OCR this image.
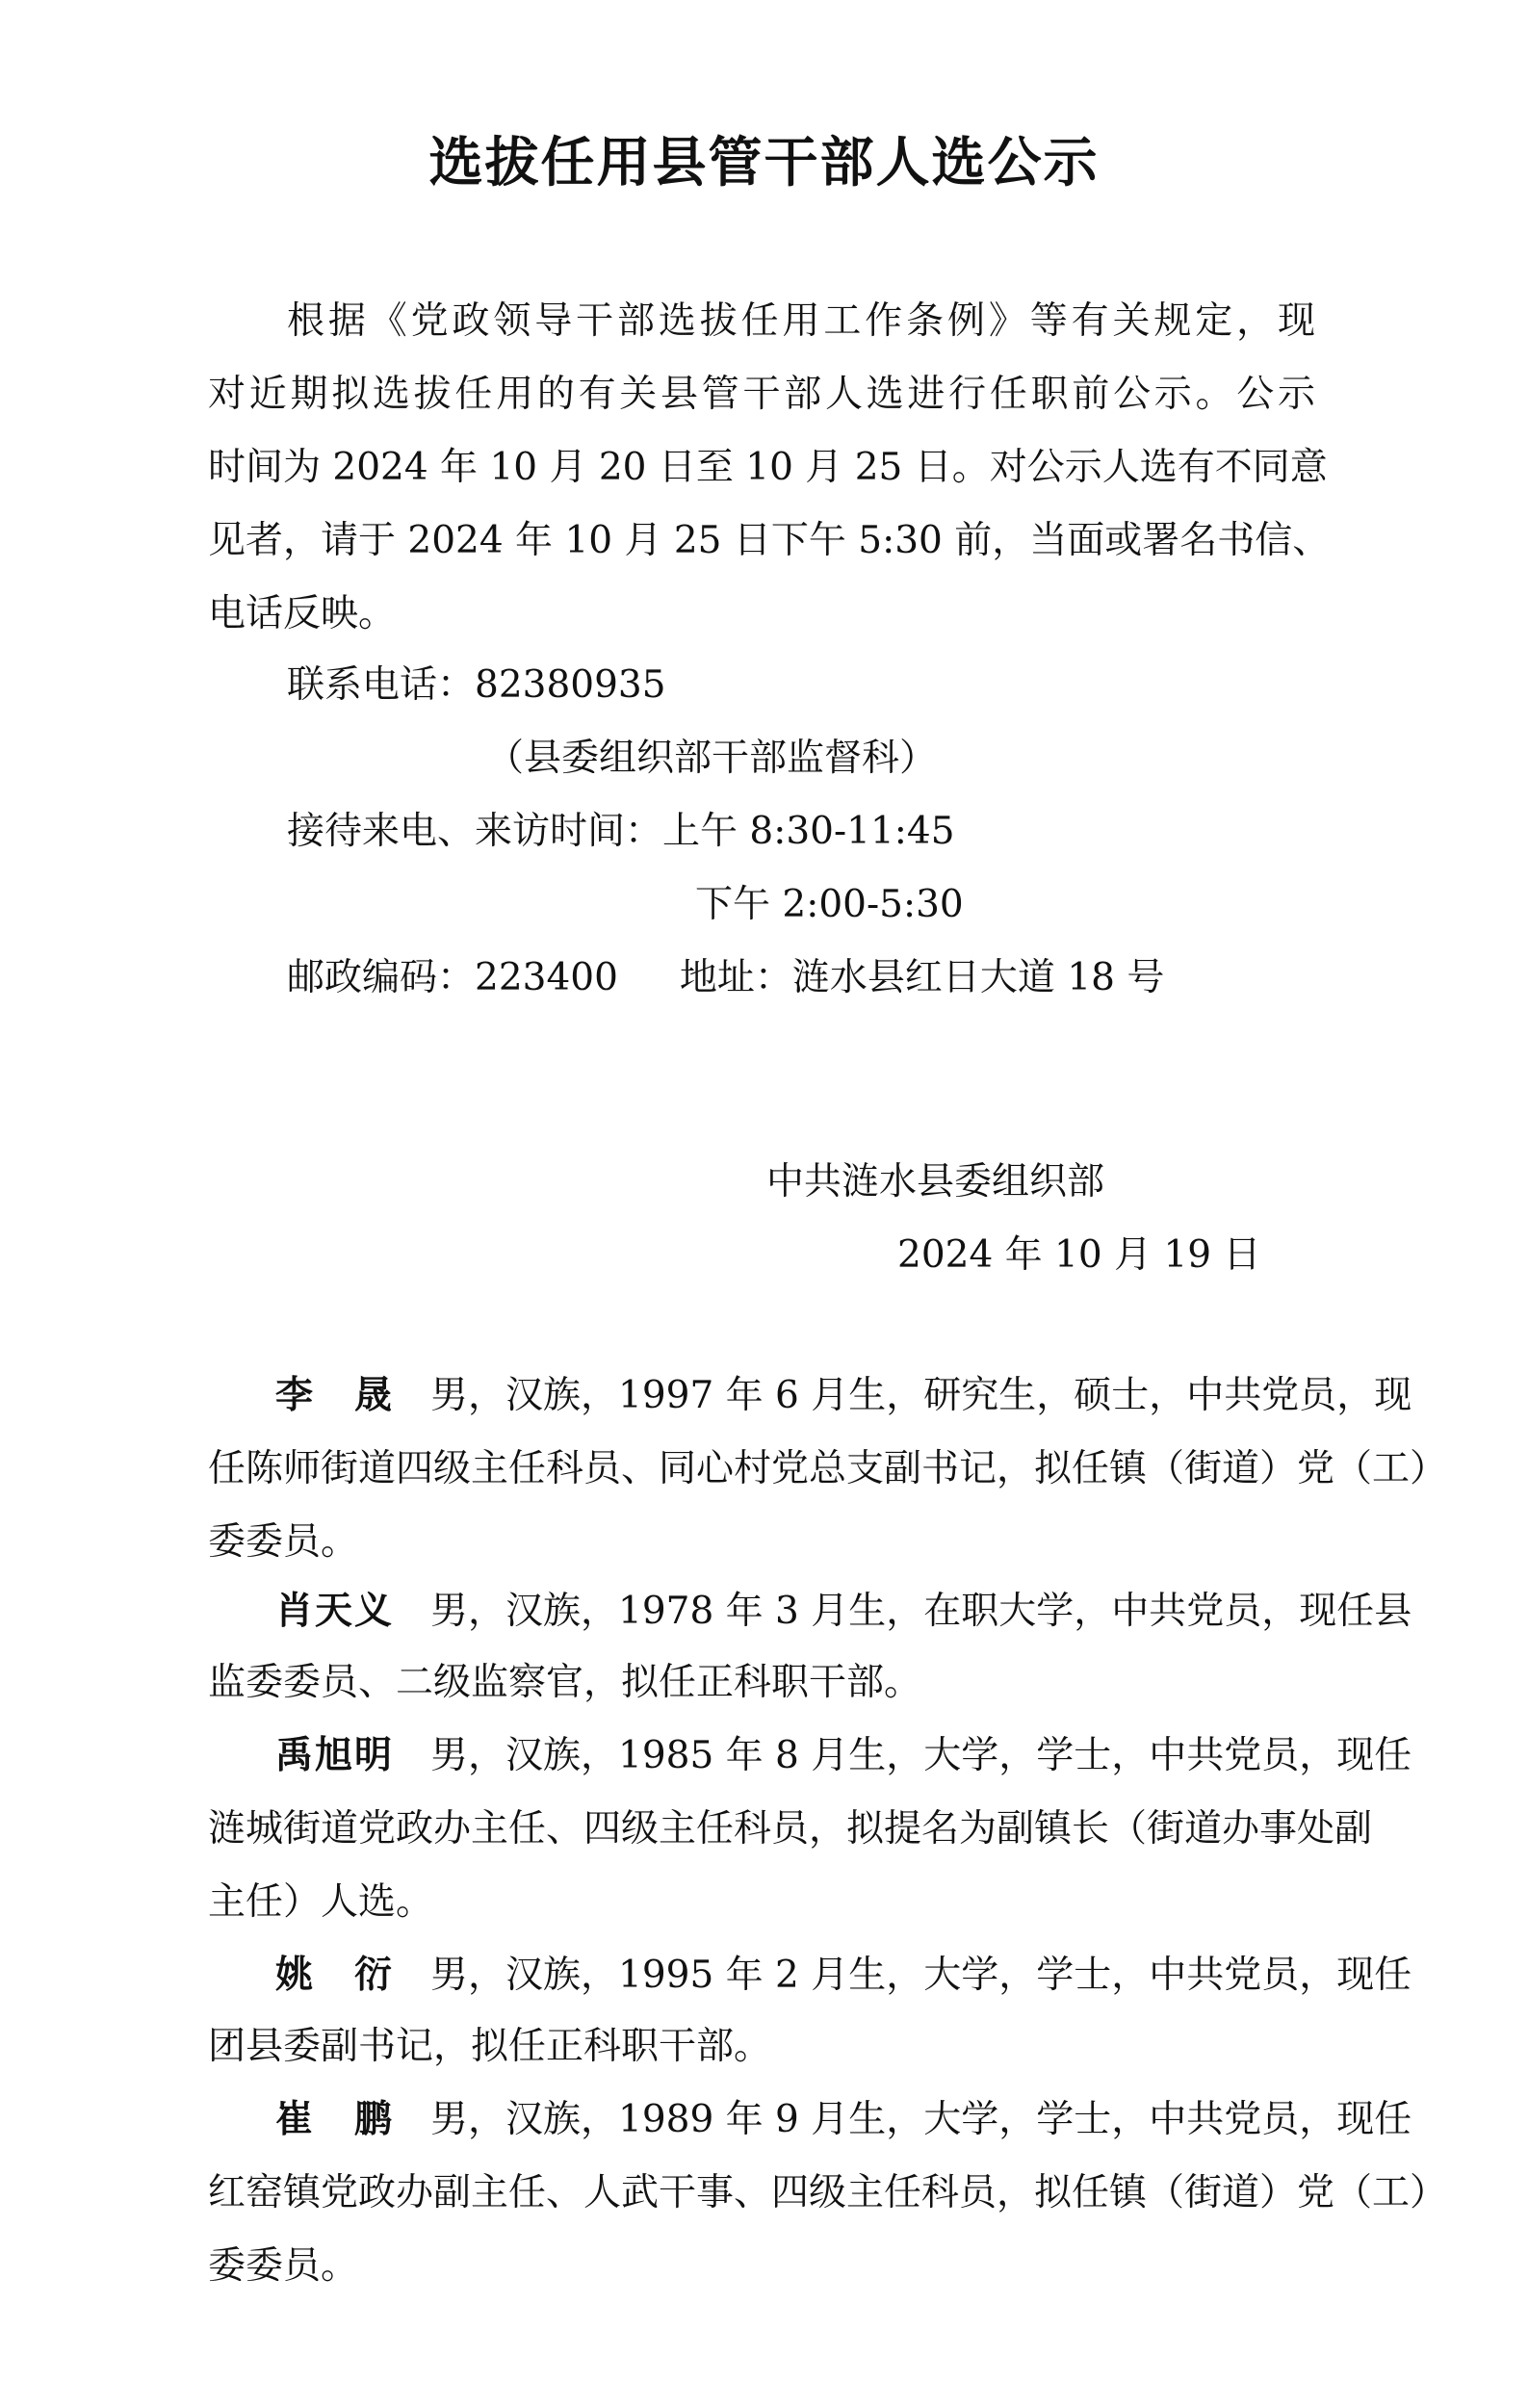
选拔任用县管干部人选公示
根据《党政领导干部选拔任用工作条例》等有关规定，现
对近期拟选拔任用的有关县管干部人选进行任职前公示。公示
时间为 2024 年 10 月 20 日至 10 月 25 日。对公示人选有不同意
见者，请于 2024 年 10 月 25 日下午 5:30 前，当面或署名书信、
电话反映。
联系电话：82380935
（县委组织部干部监督科）
接待来电、来访时间：上午 8:30-11:45
下午 2:00-5:30
邮政编码：223400 地址：涟水县红日大道 18 号
中共涟水县委组织部
2024 年 10 月 19 日
李　晟 男，汉族，1997 年 6 月生，研究生，硕士，中共党员，现
任陈师街道四级主任科员、同心村党总支副书记，拟任镇（街道）党（工）
委委员。
肖天义 男，汉族，1978 年 3 月生，在职大学，中共党员，现任县
监委委员、二级监察官，拟任正科职干部。
禹旭明 男，汉族，1985 年 8 月生，大学，学士，中共党员，现任
涟城街道党政办主任、四级主任科员，拟提名为副镇长（街道办事处副
主任）人选。
姚　衍 男，汉族，1995 年 2 月生，大学，学士，中共党员，现任
团县委副书记，拟任正科职干部。
崔　鹏 男，汉族，1989 年 9 月生，大学，学士，中共党员，现任
红窑镇党政办副主任、人武干事、四级主任科员，拟任镇（街道）党（工）
委委员。
